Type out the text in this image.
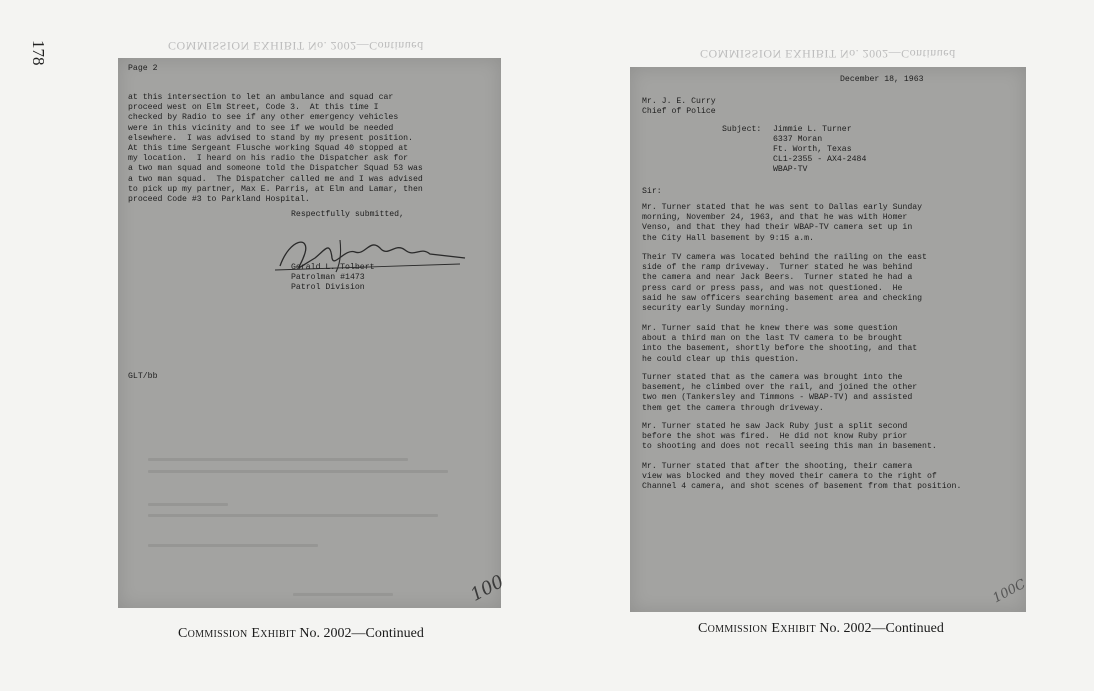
178	COMMISSION EXHIBIT No. 2002—Continued
COMMISSION EXHIBIT No. 2002—Continued
Page 2
at this intersection to let an ambulance and squad car
proceed west on Elm Street, Code 3.  At this time I
checked by Radio to see if any other emergency vehicles
were in this vicinity and to see if we would be needed
elsewhere.  I was advised to stand by my present position.
At this time Sergeant Flusche working Squad 40 stopped at
my location.  I heard on his radio the Dispatcher ask for
a two man squad and someone told the Dispatcher Squad 53 was
a two man squad.  The Dispatcher called me and I was advised
to pick up my partner, Max E. Parris, at Elm and Lamar, then
proceed Code #3 to Parkland Hospital.
Respectfully submitted,
Gerald L. Tolbert
Patrolman #1473
Patrol Division
GLT/bb
100
December 18, 1963
Mr. J. E. Curry
Chief of Police
Subject: Jimmie L. Turner
6337 Moran
Ft. Worth, Texas
CL1-2355 - AX4-2484
WBAP-TV
Sir:
Mr. Turner stated that he was sent to Dallas early Sunday
morning, November 24, 1963, and that he was with Homer
Venso, and that they had their WBAP-TV camera set up in
the City Hall basement by 9:15 a.m.
Their TV camera was located behind the railing on the east
side of the ramp driveway.  Turner stated he was behind
the camera and near Jack Beers.  Turner stated he had a
press card or press pass, and was not questioned.  He
said he saw officers searching basement area and checking
security early Sunday morning.
Mr. Turner said that he knew there was some question
about a third man on the last TV camera to be brought
into the basement, shortly before the shooting, and that
he could clear up this question.
Turner stated that as the camera was brought into the
basement, he climbed over the rail, and joined the other
two men (Tankersley and Timmons - WBAP-TV) and assisted
them get the camera through driveway.
Mr. Turner stated he saw Jack Ruby just a split second
before the shot was fired.  He did not know Ruby prior
to shooting and does not recall seeing this man in basement.
Mr. Turner stated that after the shooting, their camera
view was blocked and they moved their camera to the right of
Channel 4 camera, and shot scenes of basement from that position.
100C
Commission Exhibit No. 2002—Continued	Commission Exhibit No. 2002—Continued
